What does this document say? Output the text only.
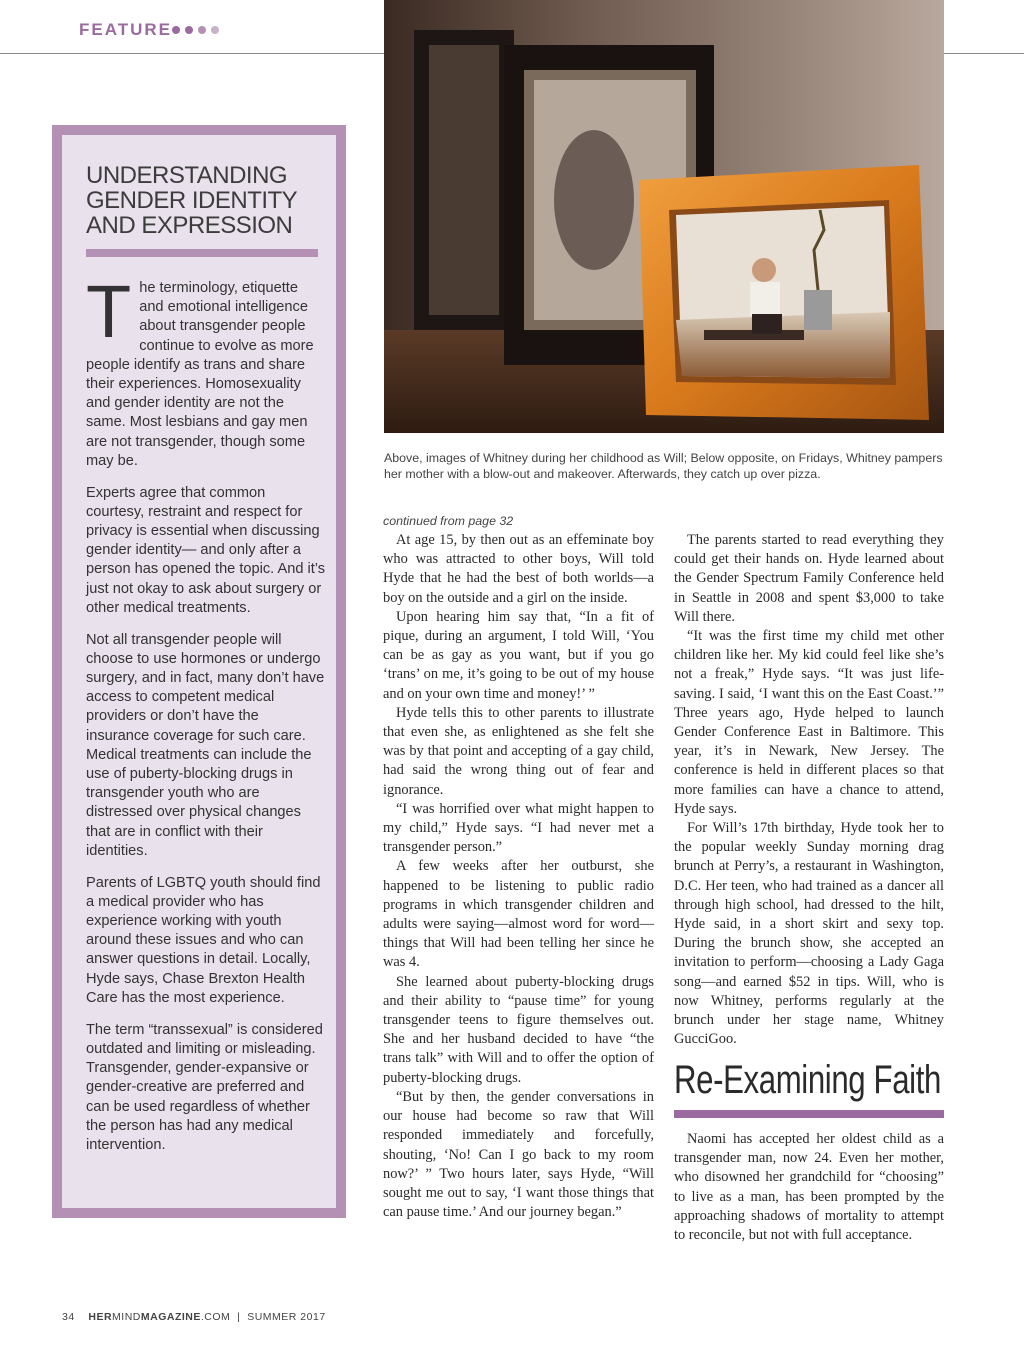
FEATURE
Above, images of Whitney during her childhood as Will; Below opposite, on Fridays, Whitney pampers her mother with a blow-out and makeover. Afterwards, they catch up over pizza.
UNDERSTANDING GENDER IDENTITY AND EXPRESSION

The terminology, etiquette and emotional intelligence about transgender people continue to evolve as more people identify as trans and share their experiences. Homosexuality and gender identity are not the same. Most lesbians and gay men are not transgender, though some may be.

Experts agree that common courtesy, restraint and respect for privacy is essential when discussing gender identity— and only after a person has opened the topic. And it’s just not okay to ask about surgery or other medical treatments.

Not all transgender people will choose to use hormones or undergo surgery, and in fact, many don’t have access to competent medical providers or don’t have the insurance coverage for such care. Medical treatments can include the use of puberty-blocking drugs in transgender youth who are distressed over physical changes that are in conflict with their identities.

Parents of LGBTQ youth should find a medical provider who has experience working with youth around these issues and who can answer questions in detail. Locally, Hyde says, Chase Brexton Health Care has the most experience.

The term “transsexual” is considered outdated and limiting or misleading. Transgender, gender-expansive or gender-creative are preferred and can be used regardless of whether the person has had any medical intervention.

continued from page 32

At age 15, by then out as an effeminate boy who was attracted to other boys, Will told Hyde that he had the best of both worlds—a boy on the outside and a girl on the inside.

Upon hearing him say that, “In a fit of pique, during an argument, I told Will, ‘You can be as gay as you want, but if you go ‘trans’ on me, it’s going to be out of my house and on your own time and money!’ ”

Hyde tells this to other parents to illustrate that even she, as enlightened as she felt she was by that point and accepting of a gay child, had said the wrong thing out of fear and ignorance.

“I was horrified over what might happen to my child,” Hyde says. “I had never met a transgender person.”

A few weeks after her outburst, she happened to be listening to public radio programs in which transgender children and adults were saying—almost word for word—things that Will had been telling her since he was 4.

She learned about puberty-blocking drugs and their ability to “pause time” for young transgender teens to figure themselves out. She and her husband decided to have “the trans talk” with Will and to offer the option of puberty-blocking drugs.

“But by then, the gender conversations in our house had become so raw that Will responded immediately and forcefully, shouting, ‘No! Can I go back to my room now?’ ” Two hours later, says Hyde, “Will sought me out to say, ‘I want those things that can pause time.’ And our journey began.”

The parents started to read everything they could get their hands on. Hyde learned about the Gender Spectrum Family Conference held in Seattle in 2008 and spent $3,000 to take Will there.

“It was the first time my child met other children like her. My kid could feel like she’s not a freak,” Hyde says. “It was just life-saving. I said, ‘I want this on the East Coast.’” Three years ago, Hyde helped to launch Gender Conference East in Baltimore. This year, it’s in Newark, New Jersey. The conference is held in different places so that more families can have a chance to attend, Hyde says.

For Will’s 17th birthday, Hyde took her to the popular weekly Sunday morning drag brunch at Perry’s, a restaurant in Washington, D.C. Her teen, who had trained as a dancer all through high school, had dressed to the hilt, Hyde said, in a short skirt and sexy top. During the brunch show, she accepted an invitation to perform—choosing a Lady Gaga song—and earned $52 in tips. Will, who is now Whitney, performs regularly at the brunch under her stage name, Whitney GucciGoo.

Re-Examining Faith

Naomi has accepted her oldest child as a transgender man, now 24. Even her mother, who disowned her grandchild for “choosing” to live as a man, has been prompted by the approaching shadows of mortality to attempt to reconcile, but not with full acceptance.

34 HERMINDMAGAZINE.COM | SUMMER 2017
